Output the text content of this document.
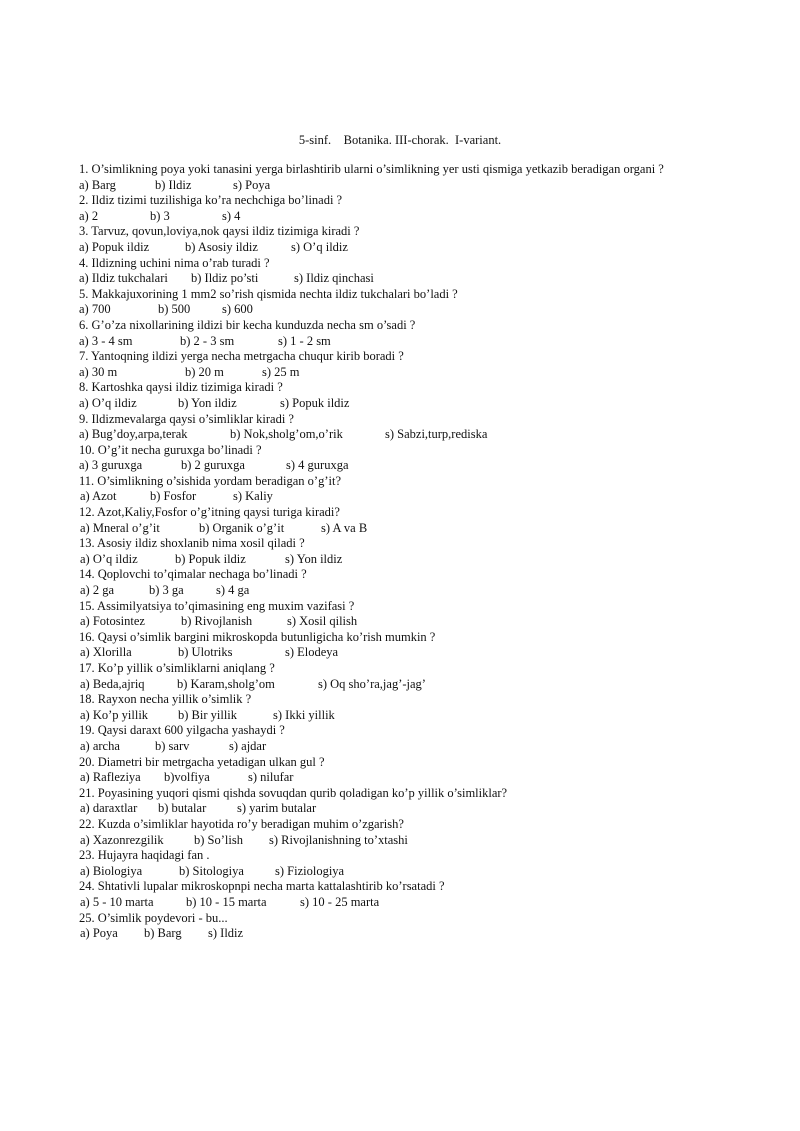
5-sinf.    Botanika. III-chorak.  I-variant.
1. O’simlikning poya yoki tanasini yerga birlashtirib ularni o’simlikning yer usti qismiga yetkazib beradigan organi ?
a) Barg	b) Ildiz	s) Poya
2. Ildiz tizimi tuzilishiga ko’ra nechchiga bo’linadi ?
a) 2	b) 3	s) 4
3. Tarvuz, qovun,loviya,nok qaysi ildiz tizimiga kiradi ?
a) Popuk ildiz	b) Asosiy ildiz	s) O’q ildiz
4. Ildizning uchini nima o’rab turadi ?
a) Ildiz tukchalari b) Ildiz po’sti	s) Ildiz qinchasi
5. Makkajuxorining 1 mm2 so’rish qismida nechta ildiz tukchalari bo’ladi ?
a) 700	b) 500	s) 600
6. G’o’za nixollarining ildizi bir kecha kunduzda necha sm o’sadi ?
a) 3 - 4 sm	b) 2 - 3 sm	s) 1 - 2 sm
7. Yantoqning ildizi yerga necha metrgacha chuqur kirib boradi ?
a) 30 m	b) 20 m	s) 25 m
8. Kartoshka qaysi ildiz tizimiga kiradi ?
a) O’q ildiz	b) Yon ildiz	s) Popuk ildiz
9. Ildizmevalarga qaysi o’simliklar kiradi ?
a) Bug’doy,arpa,terak	b) Nok,sholg’om,o’rik	s) Sabzi,turp,rediska
10. O’g’it necha guruxga bo’linadi ?
a) 3 guruxga	b) 2 guruxga	s) 4 guruxga
11. O’simlikning o’sishida yordam beradigan o’g’it?
a) Azot	b) Fosfor	s) Kaliy
12. Azot,Kaliy,Fosfor o’g’itning qaysi turiga kiradi?
a) Mneral o’g’it	b) Organik o’g’it	s) A va B
13. Asosiy ildiz shoxlanib nima xosil qiladi ?
a) O’q ildiz	b) Popuk ildiz	s) Yon ildiz
14. Qoplovchi to’qimalar nechaga bo’linadi ?
a) 2 ga	b) 3 ga	s) 4 ga
15. Assimilyatsiya to’qimasining eng muxim vazifasi ?
a) Fotosintez	b) Rivojlanish	s) Xosil qilish
16. Qaysi o’simlik bargini mikroskopda butunligicha ko’rish mumkin ?
a) Xlorilla	b) Ulotriks	s) Elodeya
17. Ko’p yillik o’simliklarni aniqlang ?
a) Beda,ajriq	b) Karam,sholg’om	s) Oq sho’ra,jag’-jag’
18. Rayxon necha yillik o’simlik ?
a) Ko’p yillik b) Bir yillik	s) Ikki yillik
19. Qaysi daraxt 600 yilgacha yashaydi ?
a) archa	b) sarv	s) ajdar
20. Diametri bir metrgacha yetadigan ulkan gul ?
a) Rafleziya b)volfiya	s) nilufar
21. Poyasining yuqori qismi qishda sovuqdan qurib qoladigan ko’p yillik o’simliklar?
a) daraxtlar b) butalar s) yarim butalar
22. Kuzda o’simliklar hayotida ro’y beradigan muhim o’zgarish?
a) Xazonrezgilik b) So’lish s) Rivojlanishning to’xtashi
23. Hujayra haqidagi fan .
a) Biologiya	b) Sitologiya s) Fiziologiya
24. Shtativli lupalar mikroskopnpi necha marta kattalashtirib ko’rsatadi ?
a) 5 - 10 marta	b) 10 - 15 marta	s) 10 - 25 marta
25. O’simlik poydevori - bu...
a) Poya b) Barg s) Ildiz
